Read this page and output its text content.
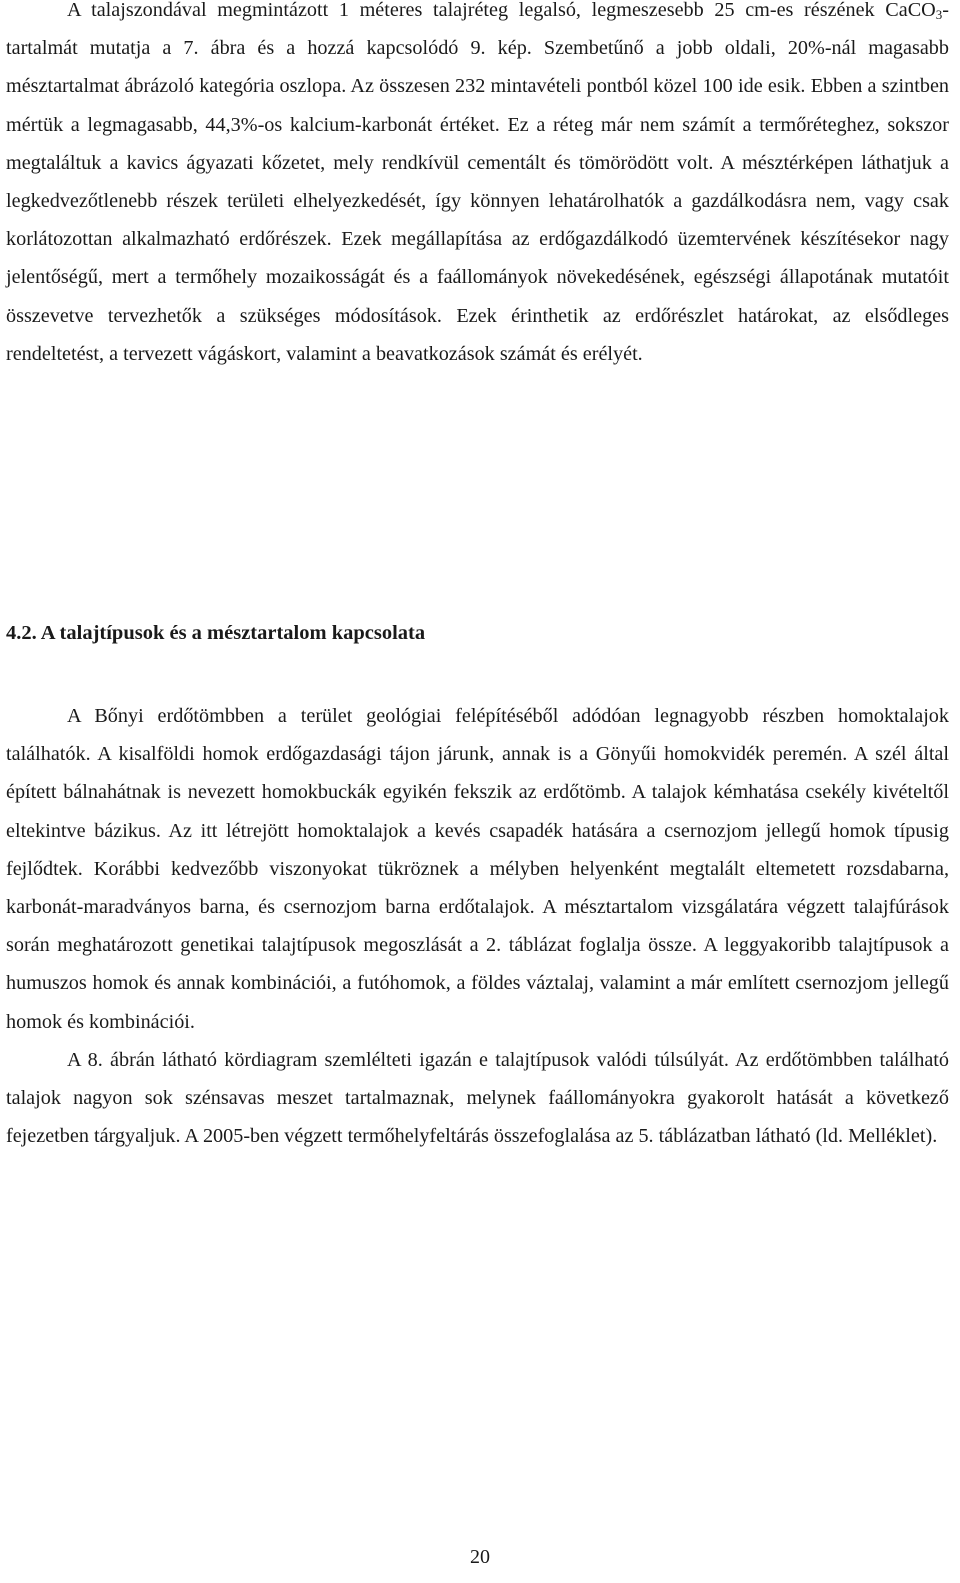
A talajszondával megmintázott 1 méteres talajréteg legalsó, legmeszesebb 25 cm-es részének CaCO$_3$-tartalmát mutatja a 7. ábra és a hozzá kapcsolódó 9. kép. Szembetűnő a jobb oldali, 20%-nál magasabb mésztartalmat ábrázoló kategória oszlopa. Az összesen 232 mintavételi pontból közel 100 ide esik. Ebben a szintben mértük a legmagasabb, 44,3%-os kalcium-karbonát értéket. Ez a réteg már nem számít a termőréteghez, sokszor megtaláltuk a kavics ágyazati kőzetet, mely rendkívül cementált és tömörödött volt. A mésztérképen láthatjuk a legkedvezőtlenebb részek területi elhelyezkedését, így könnyen lehatárolhatók a gazdálkodásra nem, vagy csak korlátozottan alkalmazható erdőrészek. Ezek megállapítása az erdőgazdálkodó üzemtervének készítésekor nagy jelentőségű, mert a termőhely mozaikosságát és a faállományok növekedésének, egészségi állapotának mutatóit összevetve tervezhetők a szükséges módosítások. Ezek érinthetik az erdőrészlet határokat, az elsődleges rendeltetést, a tervezett vágáskort, valamint a beavatkozások számát és erélyét.

4.2. A talajtípusok és a mésztartalom kapcsolata

A Bőnyi erdőtömbben a terület geológiai felépítéséből adódóan legnagyobb részben homoktalajok találhatók. A kisalföldi homok erdőgazdasági tájon járunk, annak is a Gönyűi homokvidék peremén. A szél által épített bálnahátnak is nevezett homokbuckák egyikén fekszik az erdőtömb. A talajok kémhatása csekély kivételtől eltekintve bázikus. Az itt létrejött homoktalajok a kevés csapadék hatására a csernozjom jellegű homok típusig fejlődtek. Korábbi kedvezőbb viszonyokat tükröznek a mélyben helyenként megtalált eltemetett rozsdabarna, karbonát-maradványos barna, és csernozjom barna erdőtalajok. A mésztartalom vizsgálatára végzett talajfúrások során meghatározott genetikai talajtípusok megoszlását a 2. táblázat foglalja össze. A leggyakoribb talajtípusok a humuszos homok és annak kombinációi, a futóhomok, a földes váztalaj, valamint a már említett csernozjom jellegű homok és kombinációi.

A 8. ábrán látható kördiagram szemlélteti igazán e talajtípusok valódi túlsúlyát. Az erdőtömbben található talajok nagyon sok szénsavas meszet tartalmaznak, melynek faállományokra gyakorolt hatását a következő fejezetben tárgyaljuk. A 2005-ben végzett termőhelyfeltárás összefoglalása az 5. táblázatban látható (ld. Melléklet).

20
